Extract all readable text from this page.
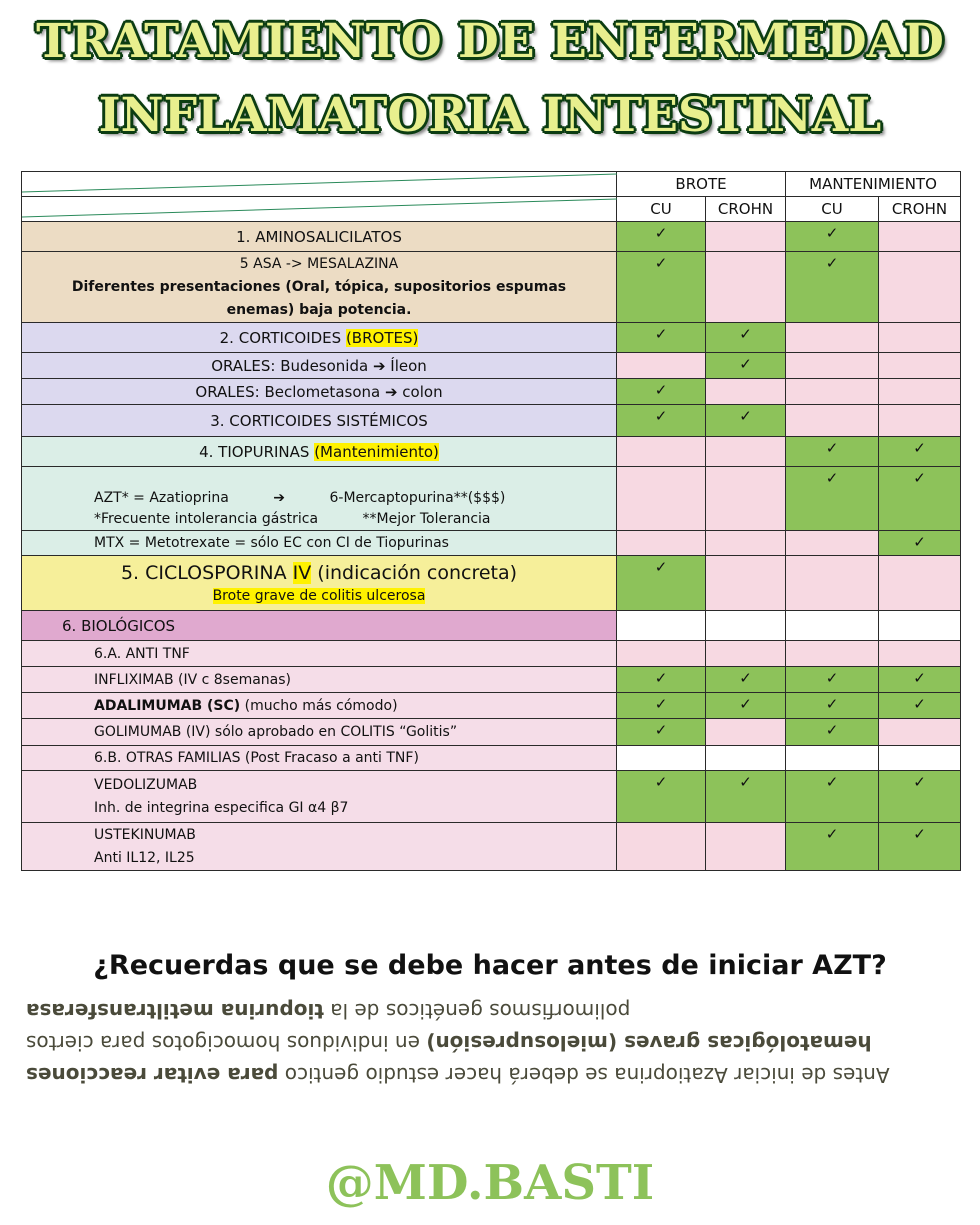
TRATAMIENTO DE ENFERMEDAD
INFLAMATORIA INTESTINAL
	BROTE		MANTENIMIENTO	

	CU	CROHN	CU	CROHN
1. AMINOSALICILATOS	✓		✓	

5 ASA -> MESALAZINA
Diferentes presentaciones (Oral, tópica, supositorios espumas
enemas) baja potencia.	✓		✓	
2. CORTICOIDES (BROTES)	✓	✓		
ORALES: Budesonida ➔ Íleon		✓		
ORALES: Beclometasona ➔ colon	✓			
3. CORTICOIDES SISTÉMICOS	✓	✓		
4. TIOPURINAS (Mantenimiento)			✓	✓

AZT* = Azatioprina          ➔          6-Mercaptopurina**($$$)
*Frecuente intolerancia gástrica          **Mejor Tolerancia			✓	✓
MTX = Metotrexate = sólo EC con CI de Tiopurinas				✓

5. CICLOSPORINA IV (indicación concreta)
Brote grave de colitis ulcerosa	✓			
6. BIOLÓGICOS				
6.A. ANTI TNF				
INFLIXIMAB (IV c 8semanas)	✓	✓	✓	✓
ADALIMUMAB (SC) (mucho más cómodo)	✓	✓	✓	✓
GOLIMUMAB (IV) sólo aprobado en COLITIS “Golitis”	✓		✓	
6.B. OTRAS FAMILIAS (Post Fracaso a anti TNF)				

VEDOLIZUMAB
Inh. de integrina especifica GI α4 β7	✓	✓	✓	✓

USTEKINUMAB
Anti IL12, IL25			✓	✓
¿Recuerdas que se debe hacer antes de iniciar AZT?
Antes de iniciar Azatioprina se deberá hacer estudio gentico para evitar reacciones hematológicas graves (mielosupresión) en individuos homocigotos para ciertos polimorfismos genéticos de la tiopurina metiltransferasa
@MD.BASTI
